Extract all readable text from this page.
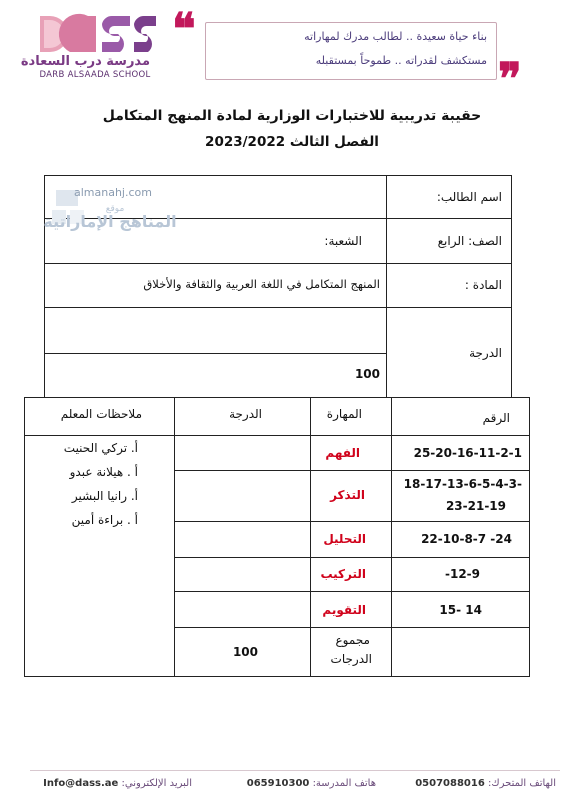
مدرسة درب السعادة
DARB ALSAADA SCHOOL
❝	بناء حياة سعيدة .. لطالب مدرك لمهاراته
مستكشف لقدراته .. طموحاً بمستقبله ❞
حقيبة تدريبية للاختبارات الوزارية لمادة المنهج المتكامل
الفصل الثالث 2023/2022
اسم الطالب:
الصف: الرابع
الشعبة:
المادة :
المنهج المتكامل في اللغة العربية والثقافة والأخلاق
الدرجة
100
almanahj.com
موقع
المناهج الإماراتية
الرقم
المهارة
الدرجة
ملاحظات المعلم
25-20-16-11-2-1
الفهم
-18-17-13-6-5-4-3
23-21-19
التذكر
24- 22-10-8-7
التحليل
12-9-
التركيب
14 -15
التقويم
مجموع
الدرجات
100
أ. تركي الحنيت
أ . هيلانة عبدو
أ. رانيا البشير
أ . براءة أمين
الهاتف المتحرك: 0507088016
هاتف المدرسة: 065910300
البريد الإلكتروني: Info@dass.ae
